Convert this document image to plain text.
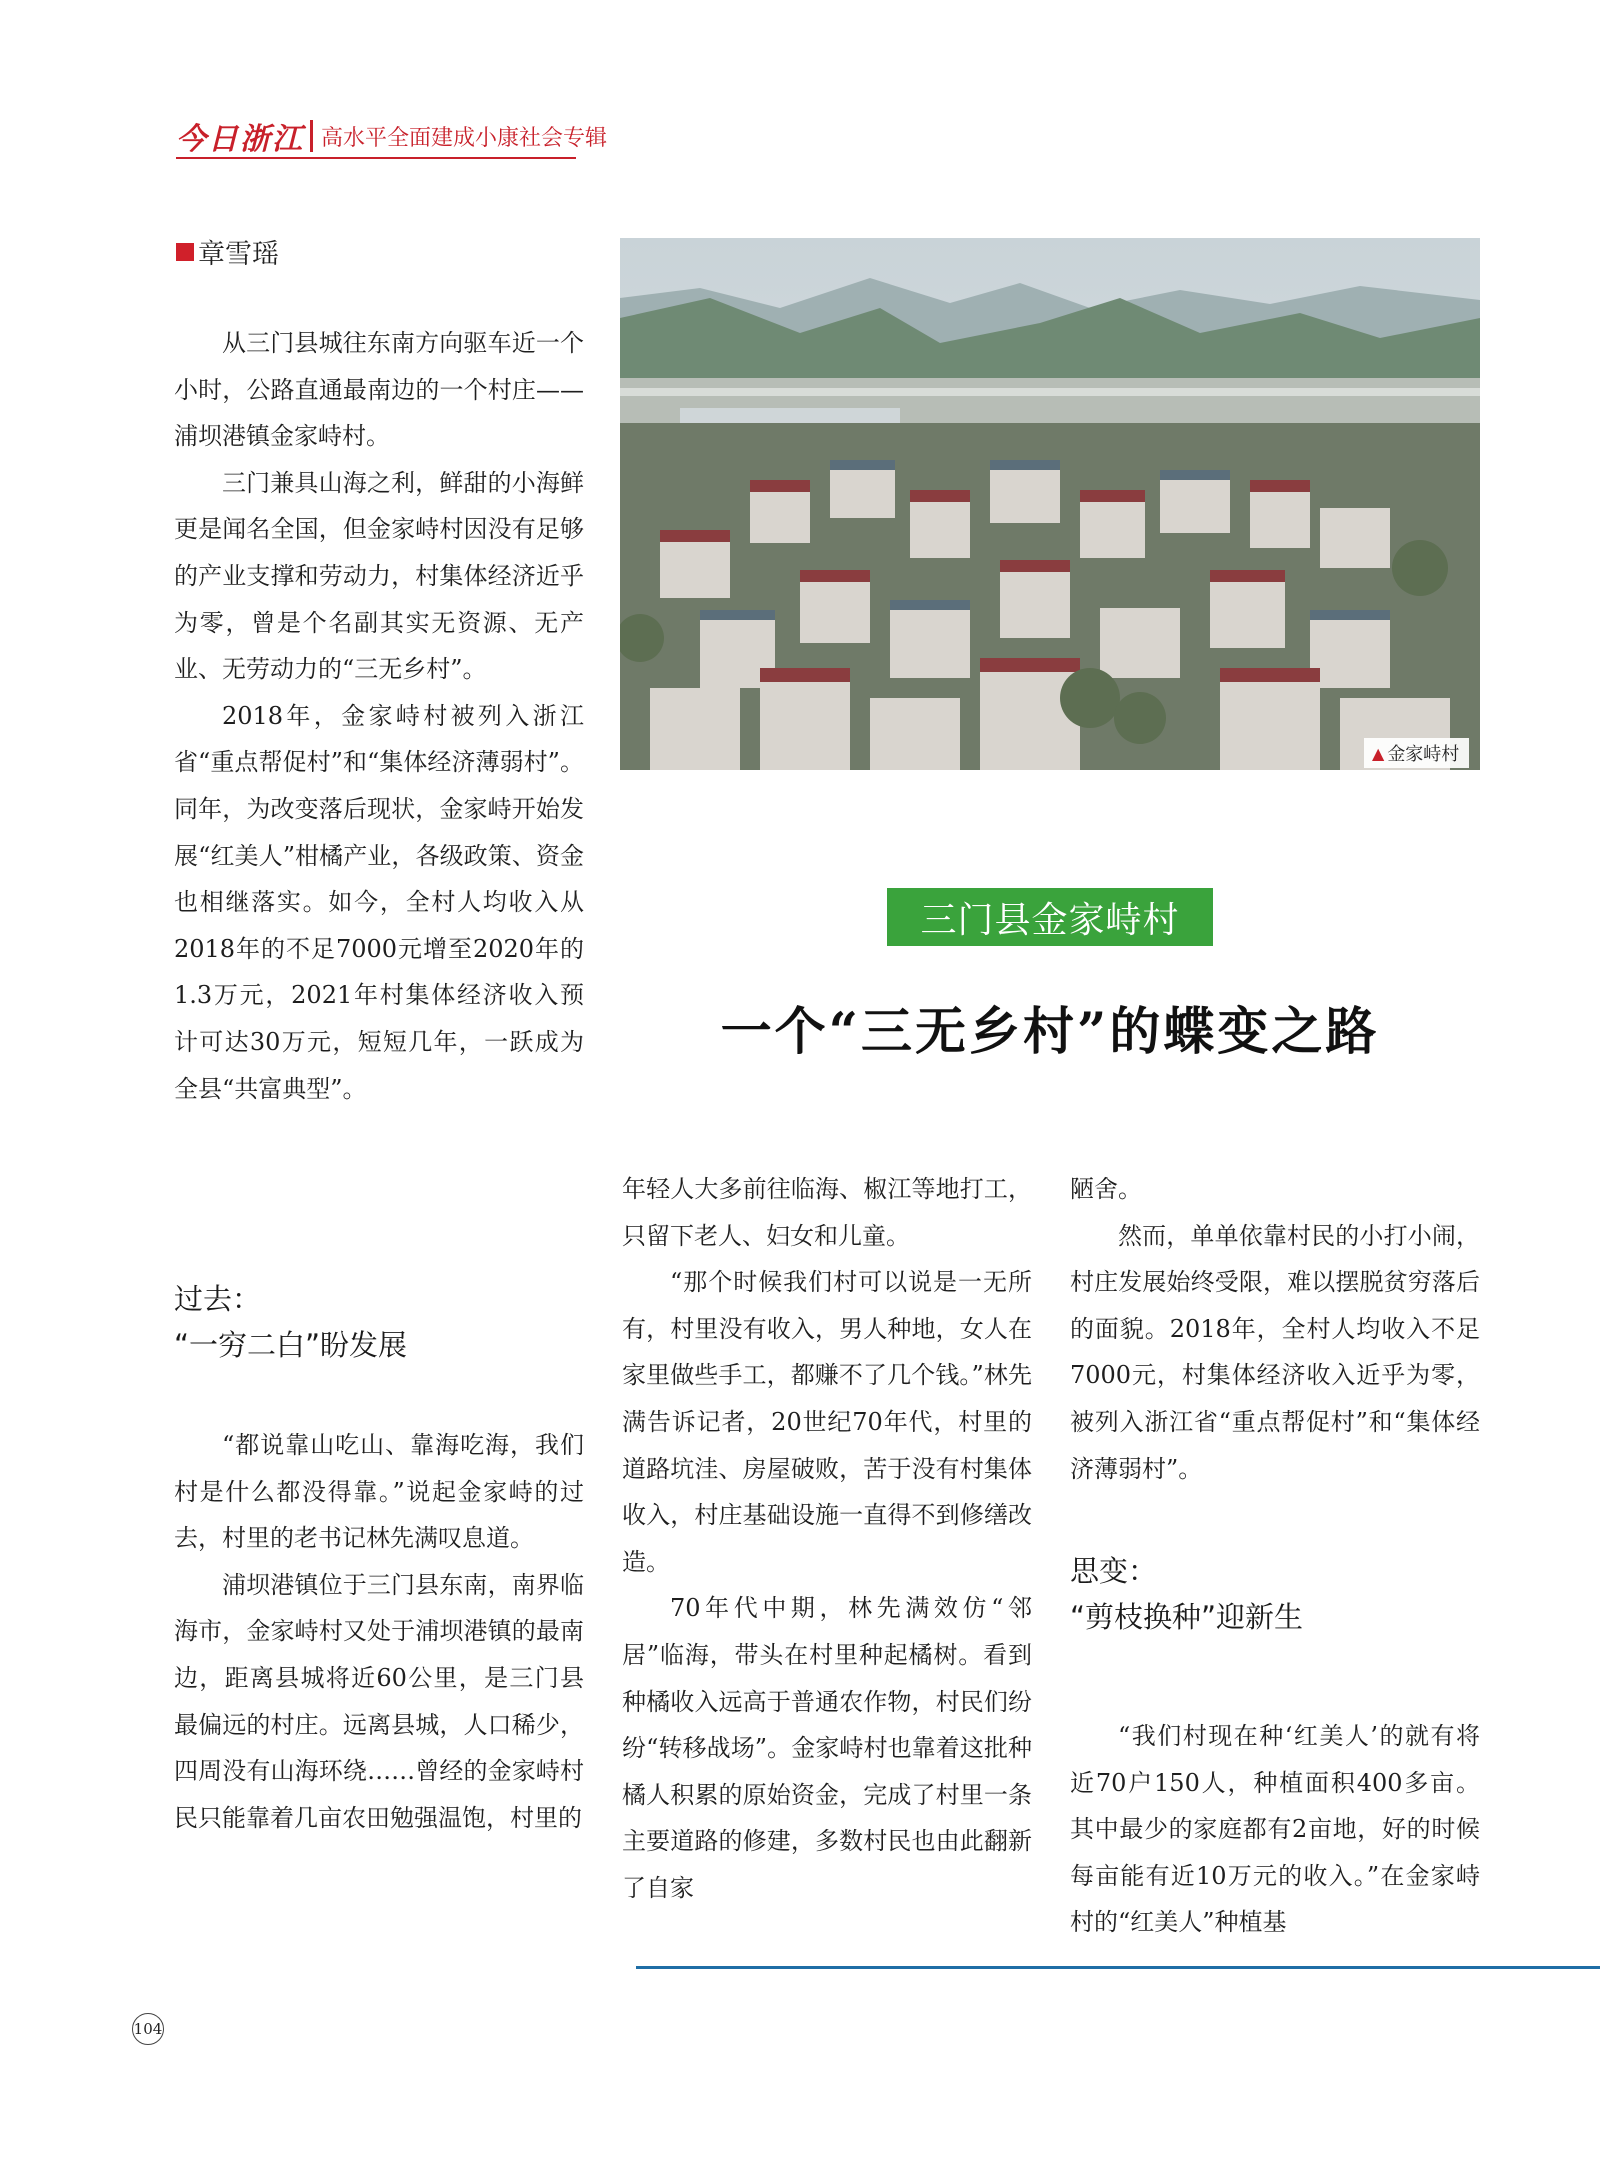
今日浙江 高水平全面建成小康社会专辑
章雪瑶

从三门县城往东南方向驱车近一个小时，公路直通最南边的一个村庄——浦坝港镇金家峙村。

三门兼具山海之利，鲜甜的小海鲜更是闻名全国，但金家峙村因没有足够的产业支撑和劳动力，村集体经济近乎为零，曾是个名副其实无资源、无产业、无劳动力的“三无乡村”。

2018年，金家峙村被列入浙江省“重点帮促村”和“集体经济薄弱村”。同年，为改变落后现状，金家峙开始发展“红美人”柑橘产业，各级政策、资金也相继落实。如今，全村人均收入从2018年的不足7000元增至2020年的1.3万元，2021年村集体经济收入预计可达30万元，短短几年，一跃成为全县“共富典型”。

过去：
“一穷二白”盼发展

“都说靠山吃山、靠海吃海，我们村是什么都没得靠。”说起金家峙的过去，村里的老书记林先满叹息道。

浦坝港镇位于三门县东南，南界临海市，金家峙村又处于浦坝港镇的最南边，距离县城将近60公里，是三门县最偏远的村庄。远离县城，人口稀少，四周没有山海环绕……曾经的金家峙村民只能靠着几亩农田勉强温饱，村里的

▲ 金家峙村
三门县金家峙村
一个“三无乡村”的蝶变之路

年轻人大多前往临海、椒江等地打工，只留下老人、妇女和儿童。

“那个时候我们村可以说是一无所有，村里没有收入，男人种地，女人在家里做些手工，都赚不了几个钱。”林先满告诉记者，20世纪70年代，村里的道路坑洼、房屋破败，苦于没有村集体收入，村庄基础设施一直得不到修缮改造。

70年代中期，林先满效仿“邻居”临海，带头在村里种起橘树。看到种橘收入远高于普通农作物，村民们纷纷“转移战场”。金家峙村也靠着这批种橘人积累的原始资金，完成了村里一条主要道路的修建，多数村民也由此翻新了自家

陋舍。

然而，单单依靠村民的小打小闹，村庄发展始终受限，难以摆脱贫穷落后的面貌。2018年，全村人均收入不足7000元，村集体经济收入近乎为零，被列入浙江省“重点帮促村”和“集体经济薄弱村”。

思变：
“剪枝换种”迎新生

“我们村现在种‘红美人’的就有将近70户150人，种植面积400多亩。其中最少的家庭都有2亩地，好的时候每亩能有近10万元的收入。”在金家峙村的“红美人”种植基

104
